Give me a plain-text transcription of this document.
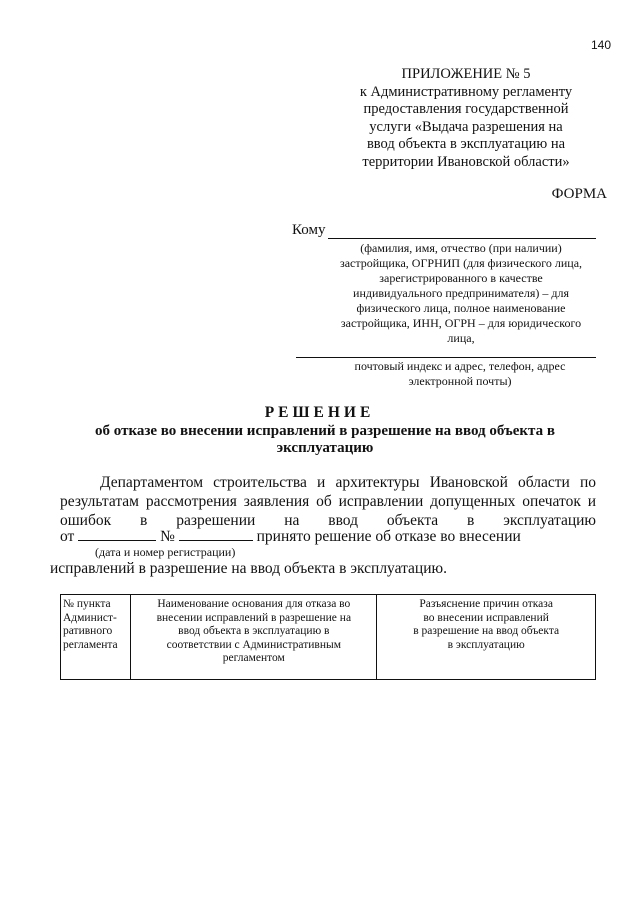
140
ПРИЛОЖЕНИЕ № 5
к Административному регламенту
предоставления государственной
услуги «Выдача разрешения на
ввод объекта в эксплуатацию на
территории Ивановской области»
ФОРМА
Кому
(фамилия, имя, отчество (при наличии)
застройщика, ОГРНИП (для физического лица,
зарегистрированного в качестве
индивидуального предпринимателя) – для
физического лица, полное наименование
застройщика, ИНН, ОГРН – для юридического
лица,
почтовый индекс и адрес, телефон, адрес
электронной почты)
РЕШЕНИЕ
об отказе во внесении исправлений в разрешение на ввод объекта в
эксплуатацию
Департаментом строительства и архитектуры Ивановской области по
результатам рассмотрения заявления об исправлении допущенных опечаток и
ошибок в разрешении на ввод объекта в эксплуатацию
от	№	принято решение об отказе во внесении
(дата и номер регистрации)
исправлений в разрешение на ввод объекта в эксплуатацию.
№ пункта
Админист-
ративного
регламента

Наименование основания для отказа во
внесении исправлений в разрешение на
ввод объекта в эксплуатацию в
соответствии с Административным
регламентом

Разъяснение причин отказа
во внесении исправлений
в разрешение на ввод объекта
в эксплуатацию
